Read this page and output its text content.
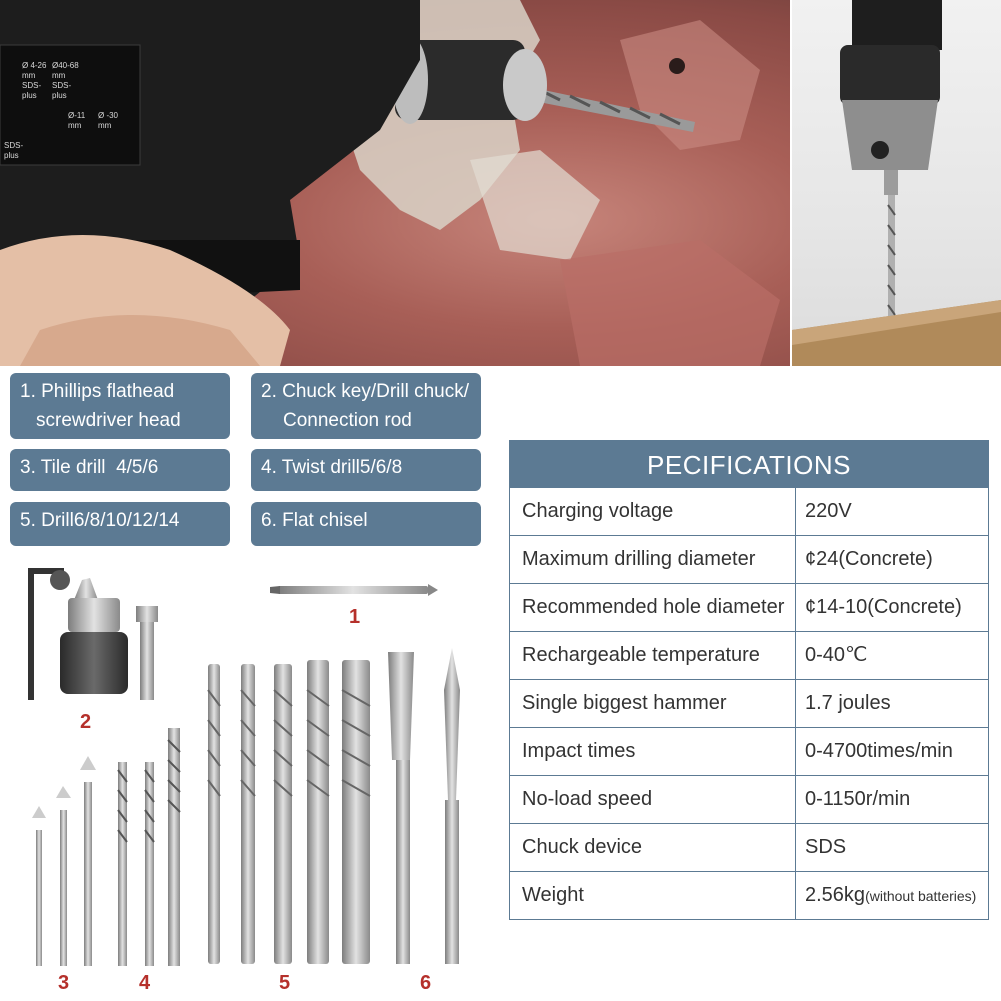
Ø 4-26
mm
SDS-
plus
Ø40-68
mm
SDS-
plus
Ø-11
mm
Ø -30
mm
SDS-
plus
1. Phillips flathead
screwdriver head
2. Chuck key/Drill chuck/
Connection rod
3. Tile drill  4/5/6	4. Twist drill5/6/8
5. Drill6/8/10/12/14	6. Flat chisel
PECIFICATIONS
Charging voltage	220V
Maximum drilling diameter	¢24(Concrete)
Recommended hole diameter	¢14-10(Concrete)
Rechargeable temperature	0-40℃
Single biggest hammer	1.7 joules
Impact times	0-4700times/min
No-load speed	0-1150r/min
Chuck device	SDS
Weight	2.56kg(without batteries)
1
2
3	4	5	6
